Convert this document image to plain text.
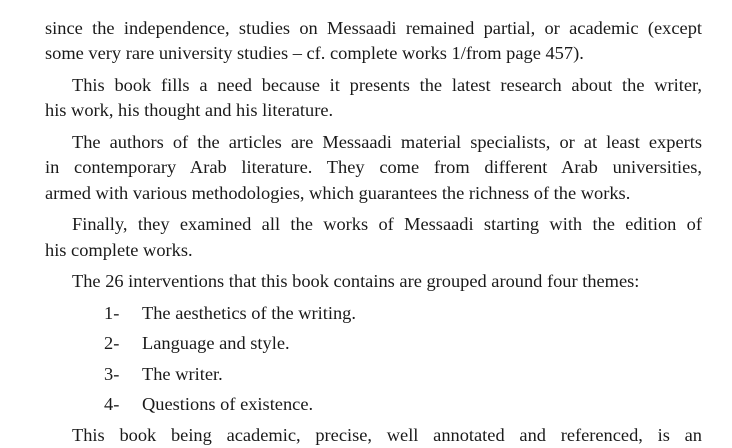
since the independence, studies on Messaadi remained partial, or academic (except
some very rare university studies – cf. complete works 1/from page 457).
This book fills a need because it presents the latest research about the writer,
his work, his thought and his literature.
The authors of the articles are Messaadi material specialists, or at least experts
in contemporary Arab literature. They come from different Arab universities,
armed with various methodologies, which guarantees the richness of the works.
Finally, they examined all the works of Messaadi starting with the edition of
his complete works.
The 26 interventions that this book contains are grouped around four themes:
1-	The aesthetics of the writing.
2-	Language and style.
3-	The writer.
4-	Questions of existence.
This book being academic, precise, well annotated and referenced, is an
